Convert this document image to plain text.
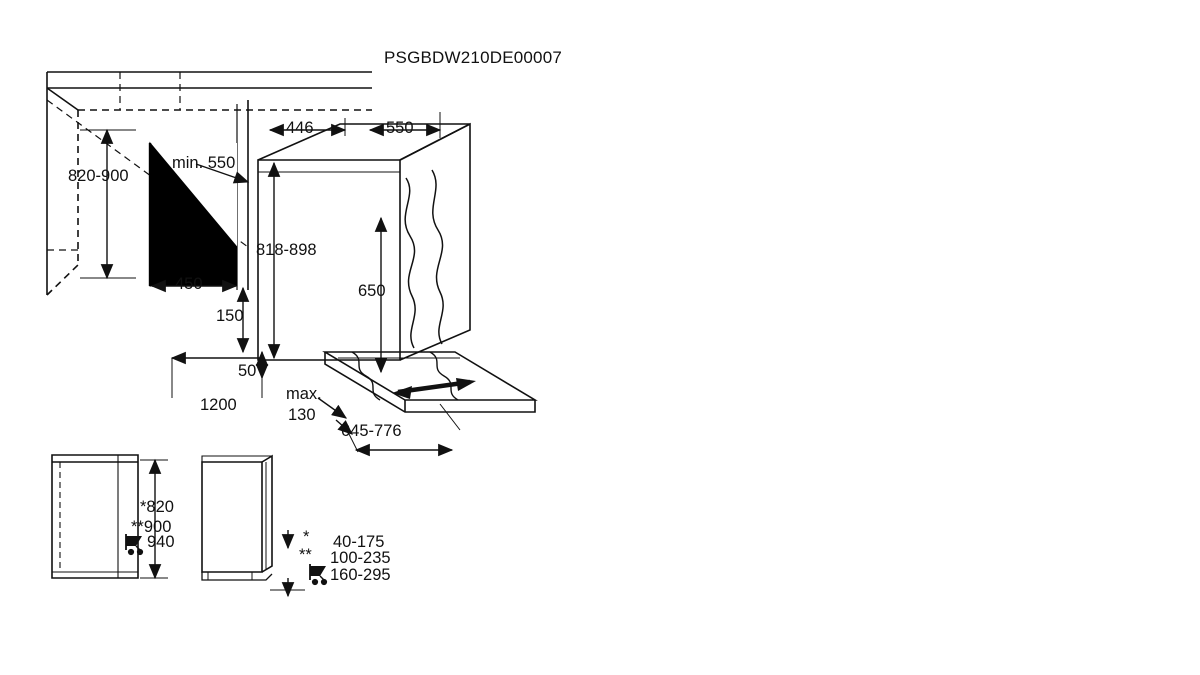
PSGBDW210DE00007
820-900
min. 550
450
446	550
818-898
650
150
50
1200
max.
130
645-776
*820
**900
940	* 40-175
** 100-235
160-295
